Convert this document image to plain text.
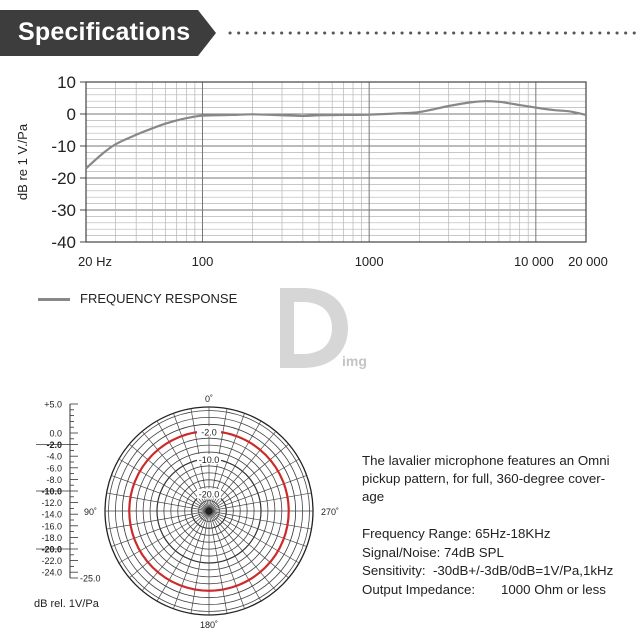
Specifications
10
0
-10
-20
-30
-40
20 Hz	100	1000	10 000 20 000
dB re 1 V./Pa
FREQUENCY RESPONSE
img
0˚
90˚
180˚
270˚
-2.0
-10.0
-20.0
+5.0
0.0
-2.0
-4.0
-6.0
-8.0
-10.0
-12.0
-14.0
-16.0
-18.0
-20.0
-22.0
-24.0
-25.0
dB rel. 1V/Pa

The lavalier microphone features an Omni

pickup pattern, for full, 360-degree cover-

age

Frequency Range: 65Hz-18KHz
Signal/Noise: 74dB SPL
Sensitivity:  -30dB+/-3dB/0dB=1V/Pa,1kHz
Output Impedance:       1000 Ohm or less
